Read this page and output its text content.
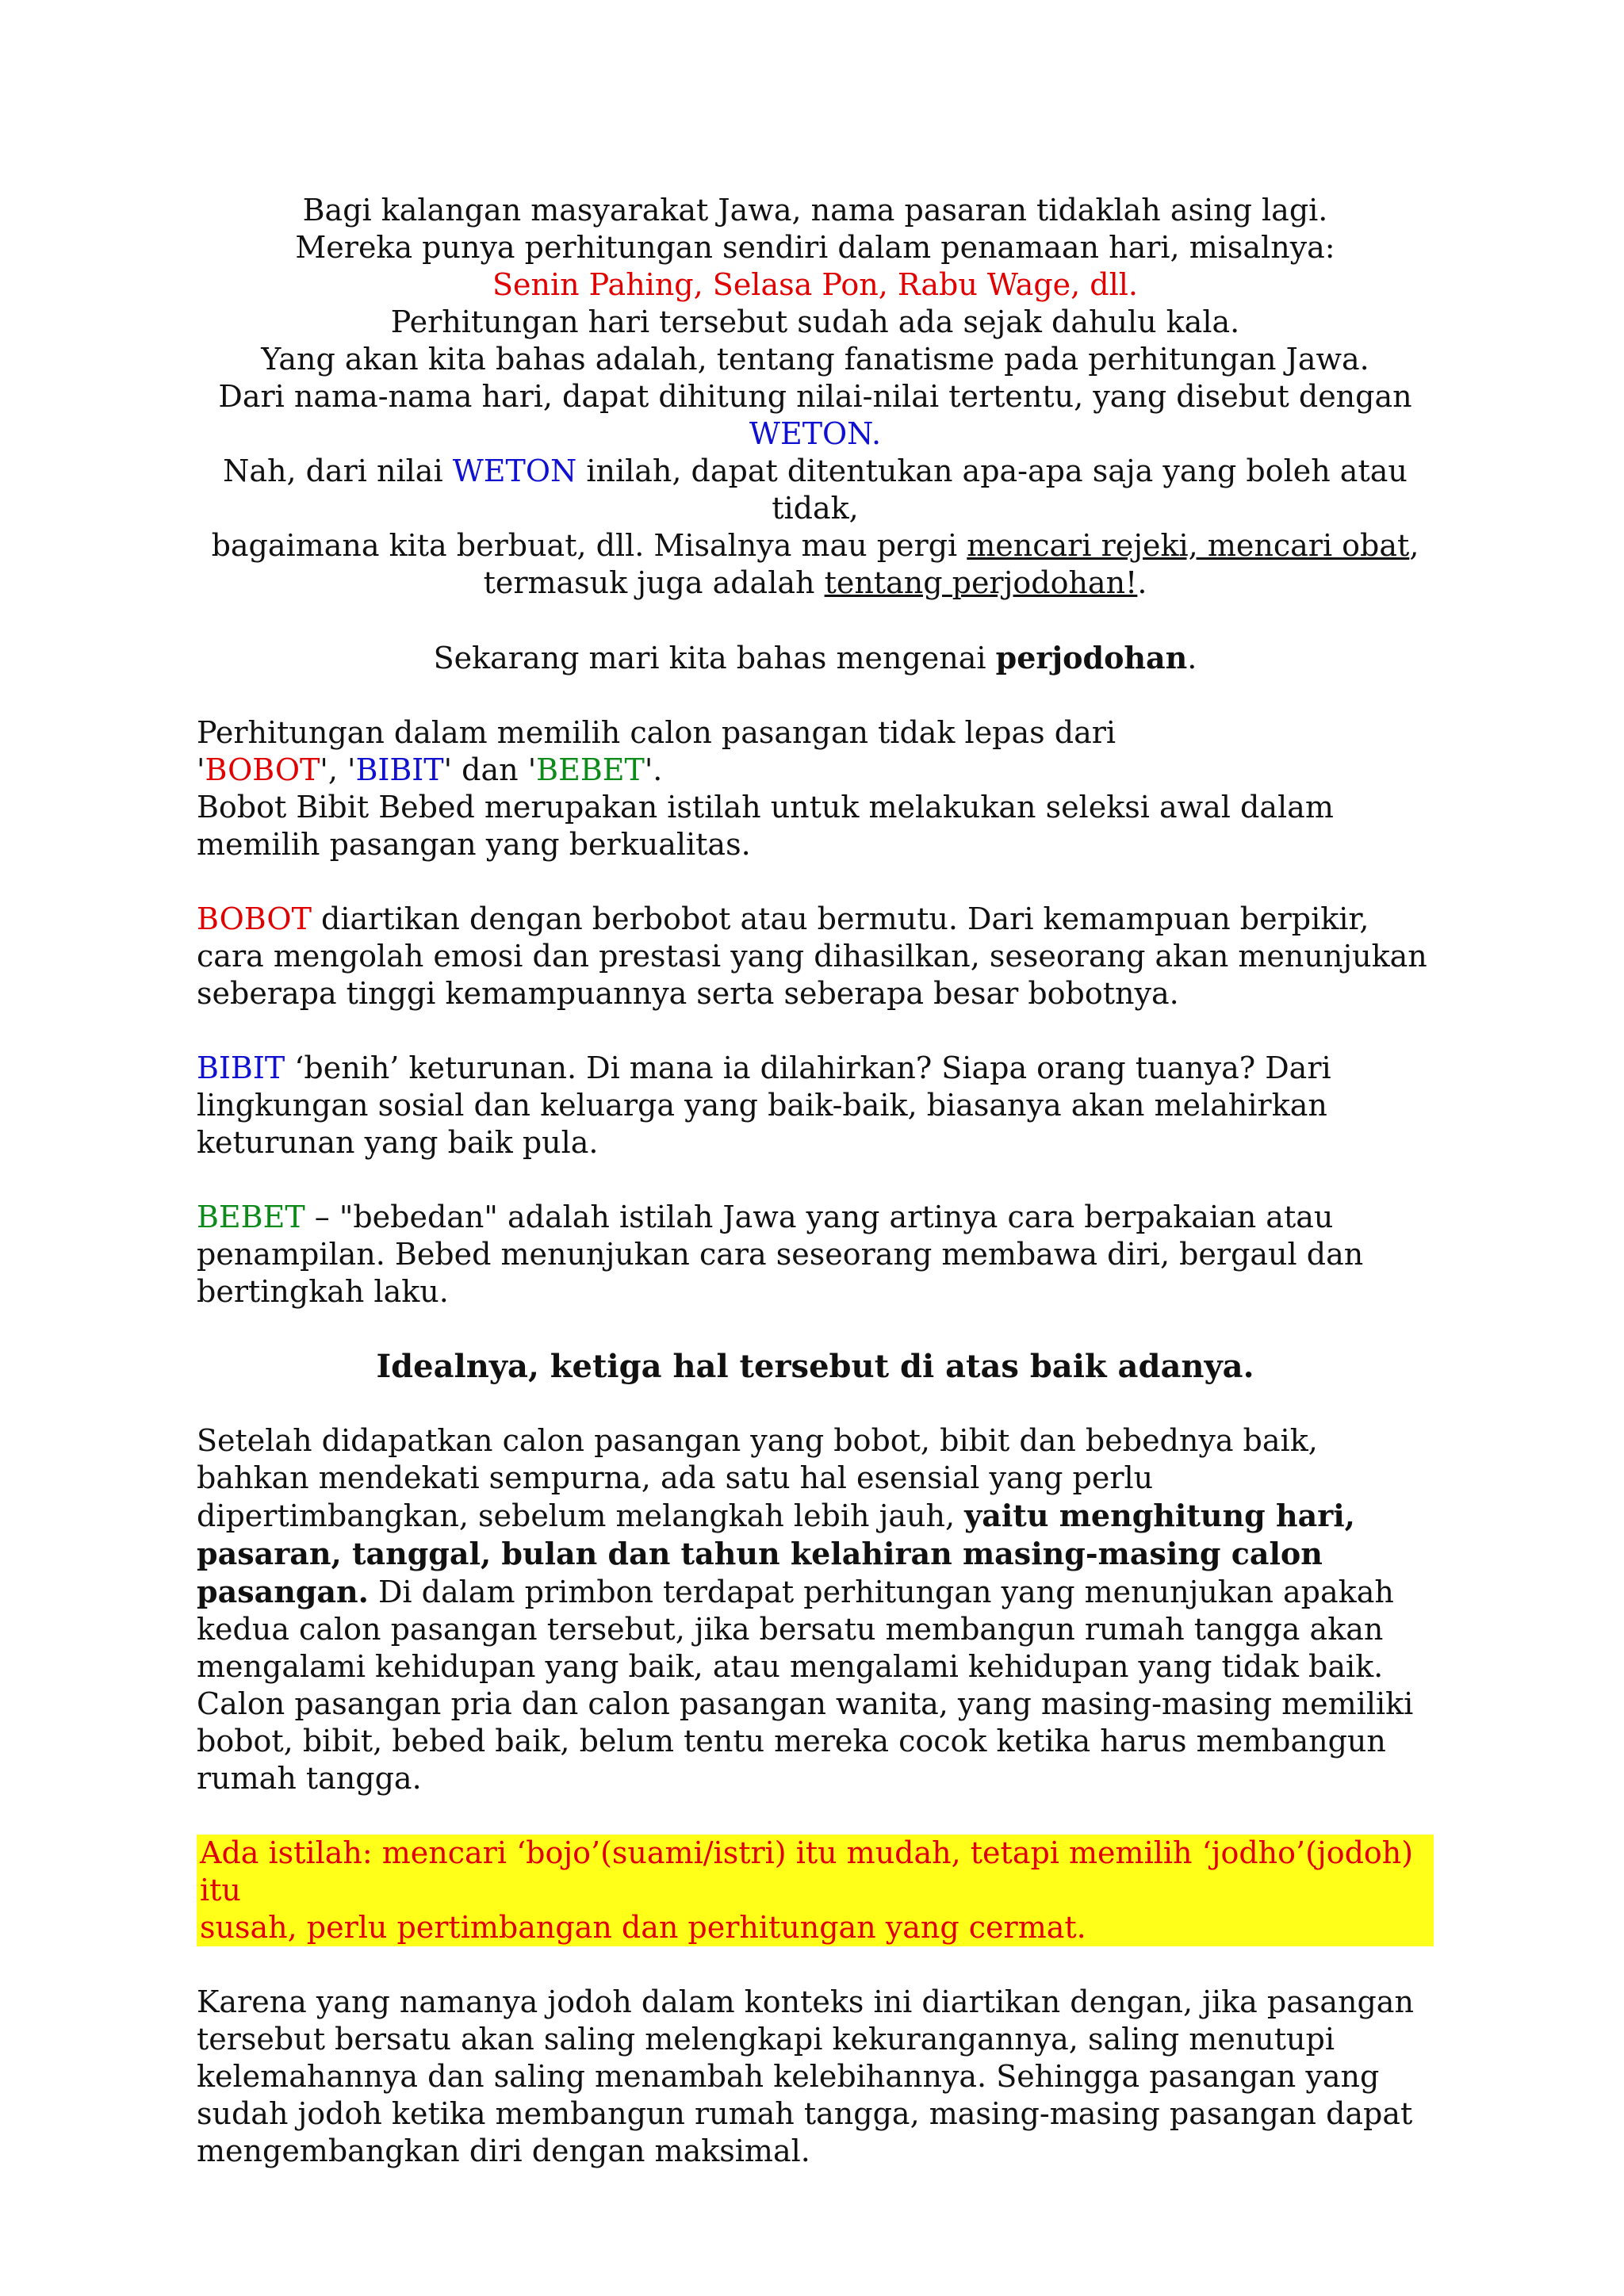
Bagi kalangan masyarakat Jawa, nama pasaran tidaklah asing lagi.
Mereka punya perhitungan sendiri dalam penamaan hari, misalnya:
Senin Pahing, Selasa Pon, Rabu Wage, dll.
Perhitungan hari tersebut sudah ada sejak dahulu kala.
Yang akan kita bahas adalah, tentang fanatisme pada perhitungan Jawa.
Dari nama-nama hari, dapat dihitung nilai-nilai tertentu, yang disebut dengan
WETON.
Nah, dari nilai WETON inilah, dapat ditentukan apa-apa saja yang boleh atau tidak,
bagaimana kita berbuat, dll. Misalnya mau pergi mencari rejeki, mencari obat,
termasuk juga adalah tentang perjodohan!.
Sekarang mari kita bahas mengenai perjodohan.
Perhitungan dalam memilih calon pasangan tidak lepas dari
'BOBOT', 'BIBIT' dan 'BEBET'.
Bobot Bibit Bebed merupakan istilah untuk melakukan seleksi awal dalam memilih pasangan yang berkualitas.
BOBOT diartikan dengan berbobot atau bermutu. Dari kemampuan berpikir, cara mengolah emosi dan prestasi yang dihasilkan, seseorang akan menunjukan seberapa tinggi kemampuannya serta seberapa besar bobotnya.
BIBIT ‘benih’ keturunan. Di mana ia dilahirkan? Siapa orang tuanya? Dari lingkungan sosial dan keluarga yang baik-baik, biasanya akan melahirkan keturunan yang baik pula.
BEBET – "bebedan" adalah istilah Jawa yang artinya cara berpakaian atau penampilan. Bebed menunjukan cara seseorang membawa diri, bergaul dan bertingkah laku.
Idealnya, ketiga hal tersebut di atas baik adanya.
Setelah didapatkan calon pasangan yang bobot, bibit dan bebednya baik, bahkan mendekati sempurna, ada satu hal esensial yang perlu dipertimbangkan, sebelum melangkah lebih jauh, yaitu menghitung hari, pasaran, tanggal, bulan dan tahun kelahiran masing-masing calon pasangan. Di dalam primbon terdapat perhitungan yang menunjukan apakah kedua calon pasangan tersebut, jika bersatu membangun rumah tangga akan mengalami kehidupan yang baik, atau mengalami kehidupan yang tidak baik. Calon pasangan pria dan calon pasangan wanita, yang masing-masing memiliki bobot, bibit, bebed baik, belum tentu mereka cocok ketika harus membangun rumah tangga.
Ada istilah: mencari ‘bojo’(suami/istri) itu mudah, tetapi memilih ‘jodho’(jodoh) itu
susah, perlu pertimbangan dan perhitungan yang cermat.
Karena yang namanya jodoh dalam konteks ini diartikan dengan, jika pasangan tersebut bersatu akan saling melengkapi kekurangannya, saling menutupi kelemahannya dan saling menambah kelebihannya. Sehingga pasangan yang sudah jodoh ketika membangun rumah tangga, masing-masing pasangan dapat mengembangkan diri dengan maksimal.
